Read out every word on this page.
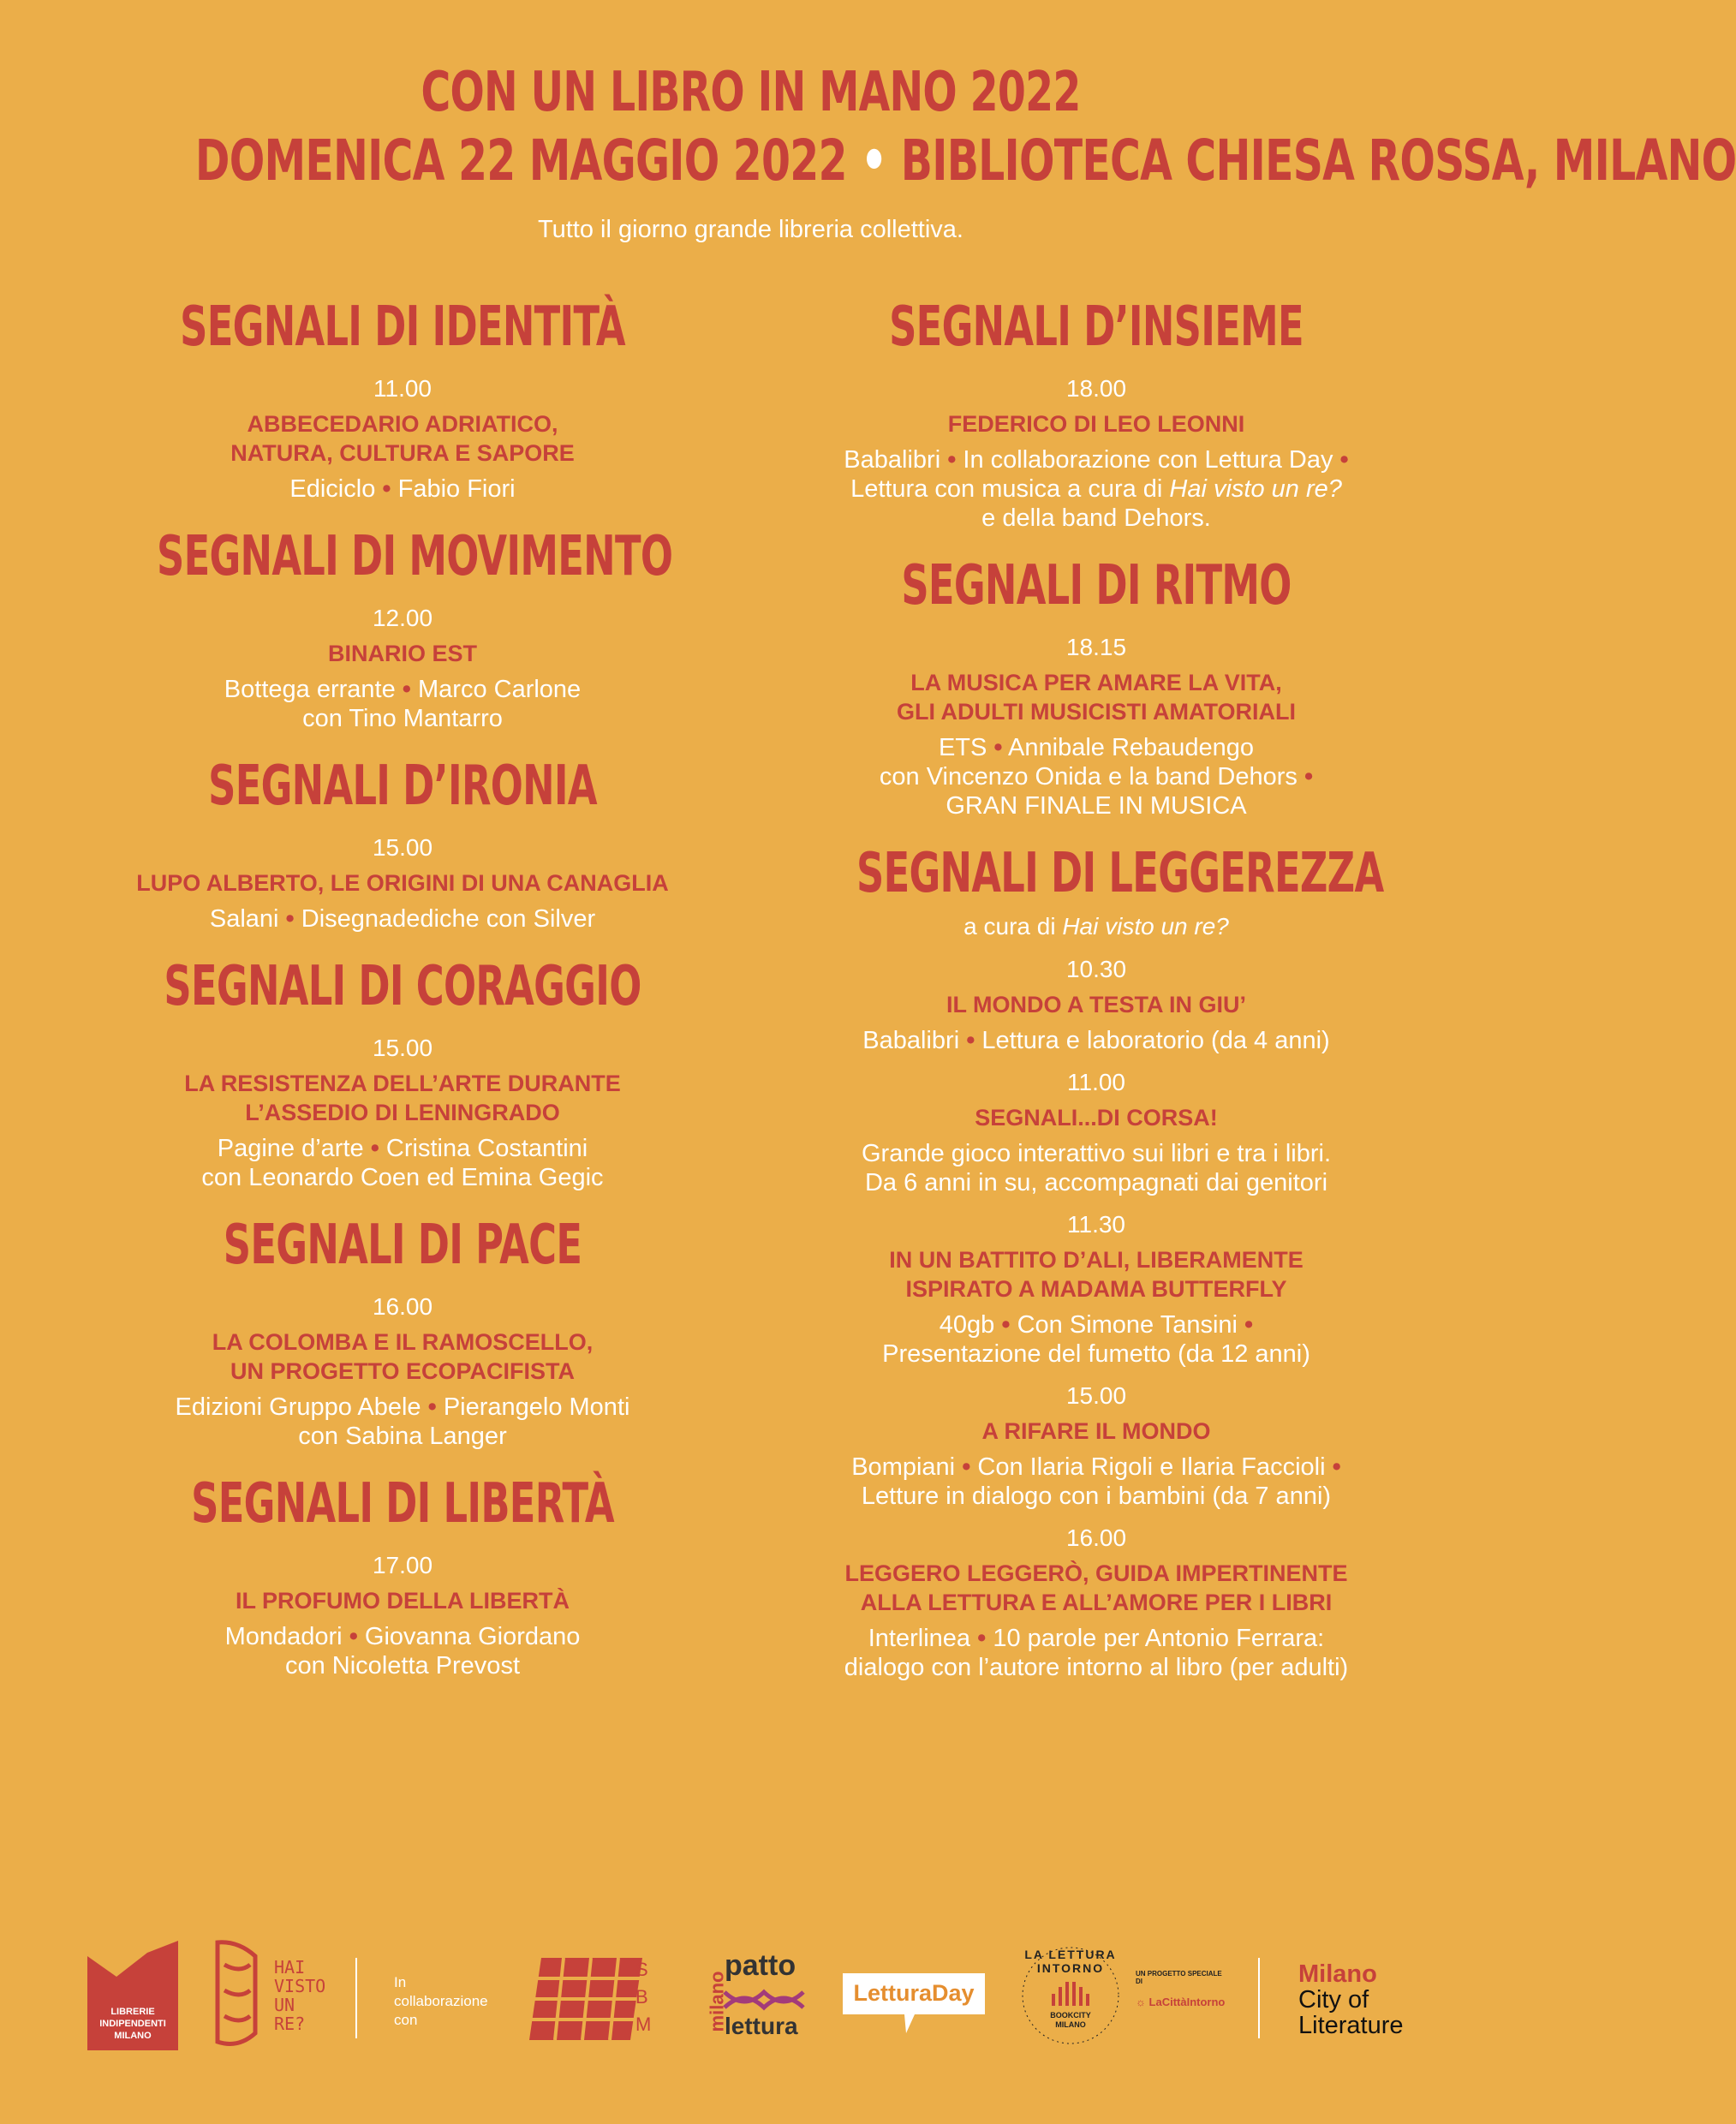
CON UN LIBRO IN MANO 2022
DOMENICA 22 MAGGIO 2022 • BIBLIOTECA CHIESA ROSSA, MILANO
Tutto il giorno grande libreria collettiva.
SEGNALI DI IDENTITÀ
11.00
ABBECEDARIO ADRIATICO,
NATURA, CULTURA E SAPORE
Ediciclo • Fabio Fiori
SEGNALI DI MOVIMENTO
12.00
BINARIO EST
Bottega errante • Marco Carlone
con Tino Mantarro
SEGNALI D’IRONIA
15.00
LUPO ALBERTO, LE ORIGINI DI UNA CANAGLIA
Salani • Disegnadediche con Silver
SEGNALI DI CORAGGIO
15.00
LA RESISTENZA DELL’ARTE DURANTE
L’ASSEDIO DI LENINGRADO
Pagine d’arte • Cristina Costantini
con Leonardo Coen ed Emina Gegic
SEGNALI DI PACE
16.00
LA COLOMBA E IL RAMOSCELLO,
UN PROGETTO ECOPACIFISTA
Edizioni Gruppo Abele • Pierangelo Monti
con Sabina Langer
SEGNALI DI LIBERTÀ
17.00
IL PROFUMO DELLA LIBERTÀ
Mondadori • Giovanna Giordano
con Nicoletta Prevost
SEGNALI D’INSIEME
18.00
FEDERICO DI LEO LEONNI
Babalibri • In collaborazione con Lettura Day •
Lettura con musica a cura di Hai visto un re?
e della band Dehors.
SEGNALI DI RITMO
18.15
LA MUSICA PER AMARE LA VITA,
GLI ADULTI MUSICISTI AMATORIALI
ETS • Annibale Rebaudengo
con Vincenzo Onida e la band Dehors •
GRAN FINALE IN MUSICA
SEGNALI DI LEGGEREZZA
a cura di Hai visto un re?
10.30
IL MONDO A TESTA IN GIU’
Babalibri • Lettura e laboratorio (da 4 anni)
11.00
SEGNALI...DI CORSA!
Grande gioco interattivo sui libri e tra i libri.
Da 6 anni in su, accompagnati dai genitori
11.30
IN UN BATTITO D’ALI, LIBERAMENTE
ISPIRATO A MADAMA BUTTERFLY
40gb • Con Simone Tansini •
Presentazione del fumetto (da 12 anni)
15.00
A RIFARE IL MONDO
Bompiani • Con Ilaria Rigoli e Ilaria Faccioli •
Letture in dialogo con i bambini (da 7 anni)
16.00
LEGGERO LEGGERÒ, GUIDA IMPERTINENTE
ALLA LETTURA E ALL’AMORE PER I LIBRI
Interlinea • 10 parole per Antonio Ferrara:
dialogo con l’autore intorno al libro (per adulti)
LIBRERIE
INDIPENDENTI
MILANO
HAI
VISTO
UN
RE?
In
collaborazione
con
S
B
M	milano
patto
lettura
LetturaDay
LA LETTURA INTORNO
BOOKCITY
MILANO
UN PROGETTO SPECIALE DI
☼ LaCittàIntorno
Milano
City of
Literature
